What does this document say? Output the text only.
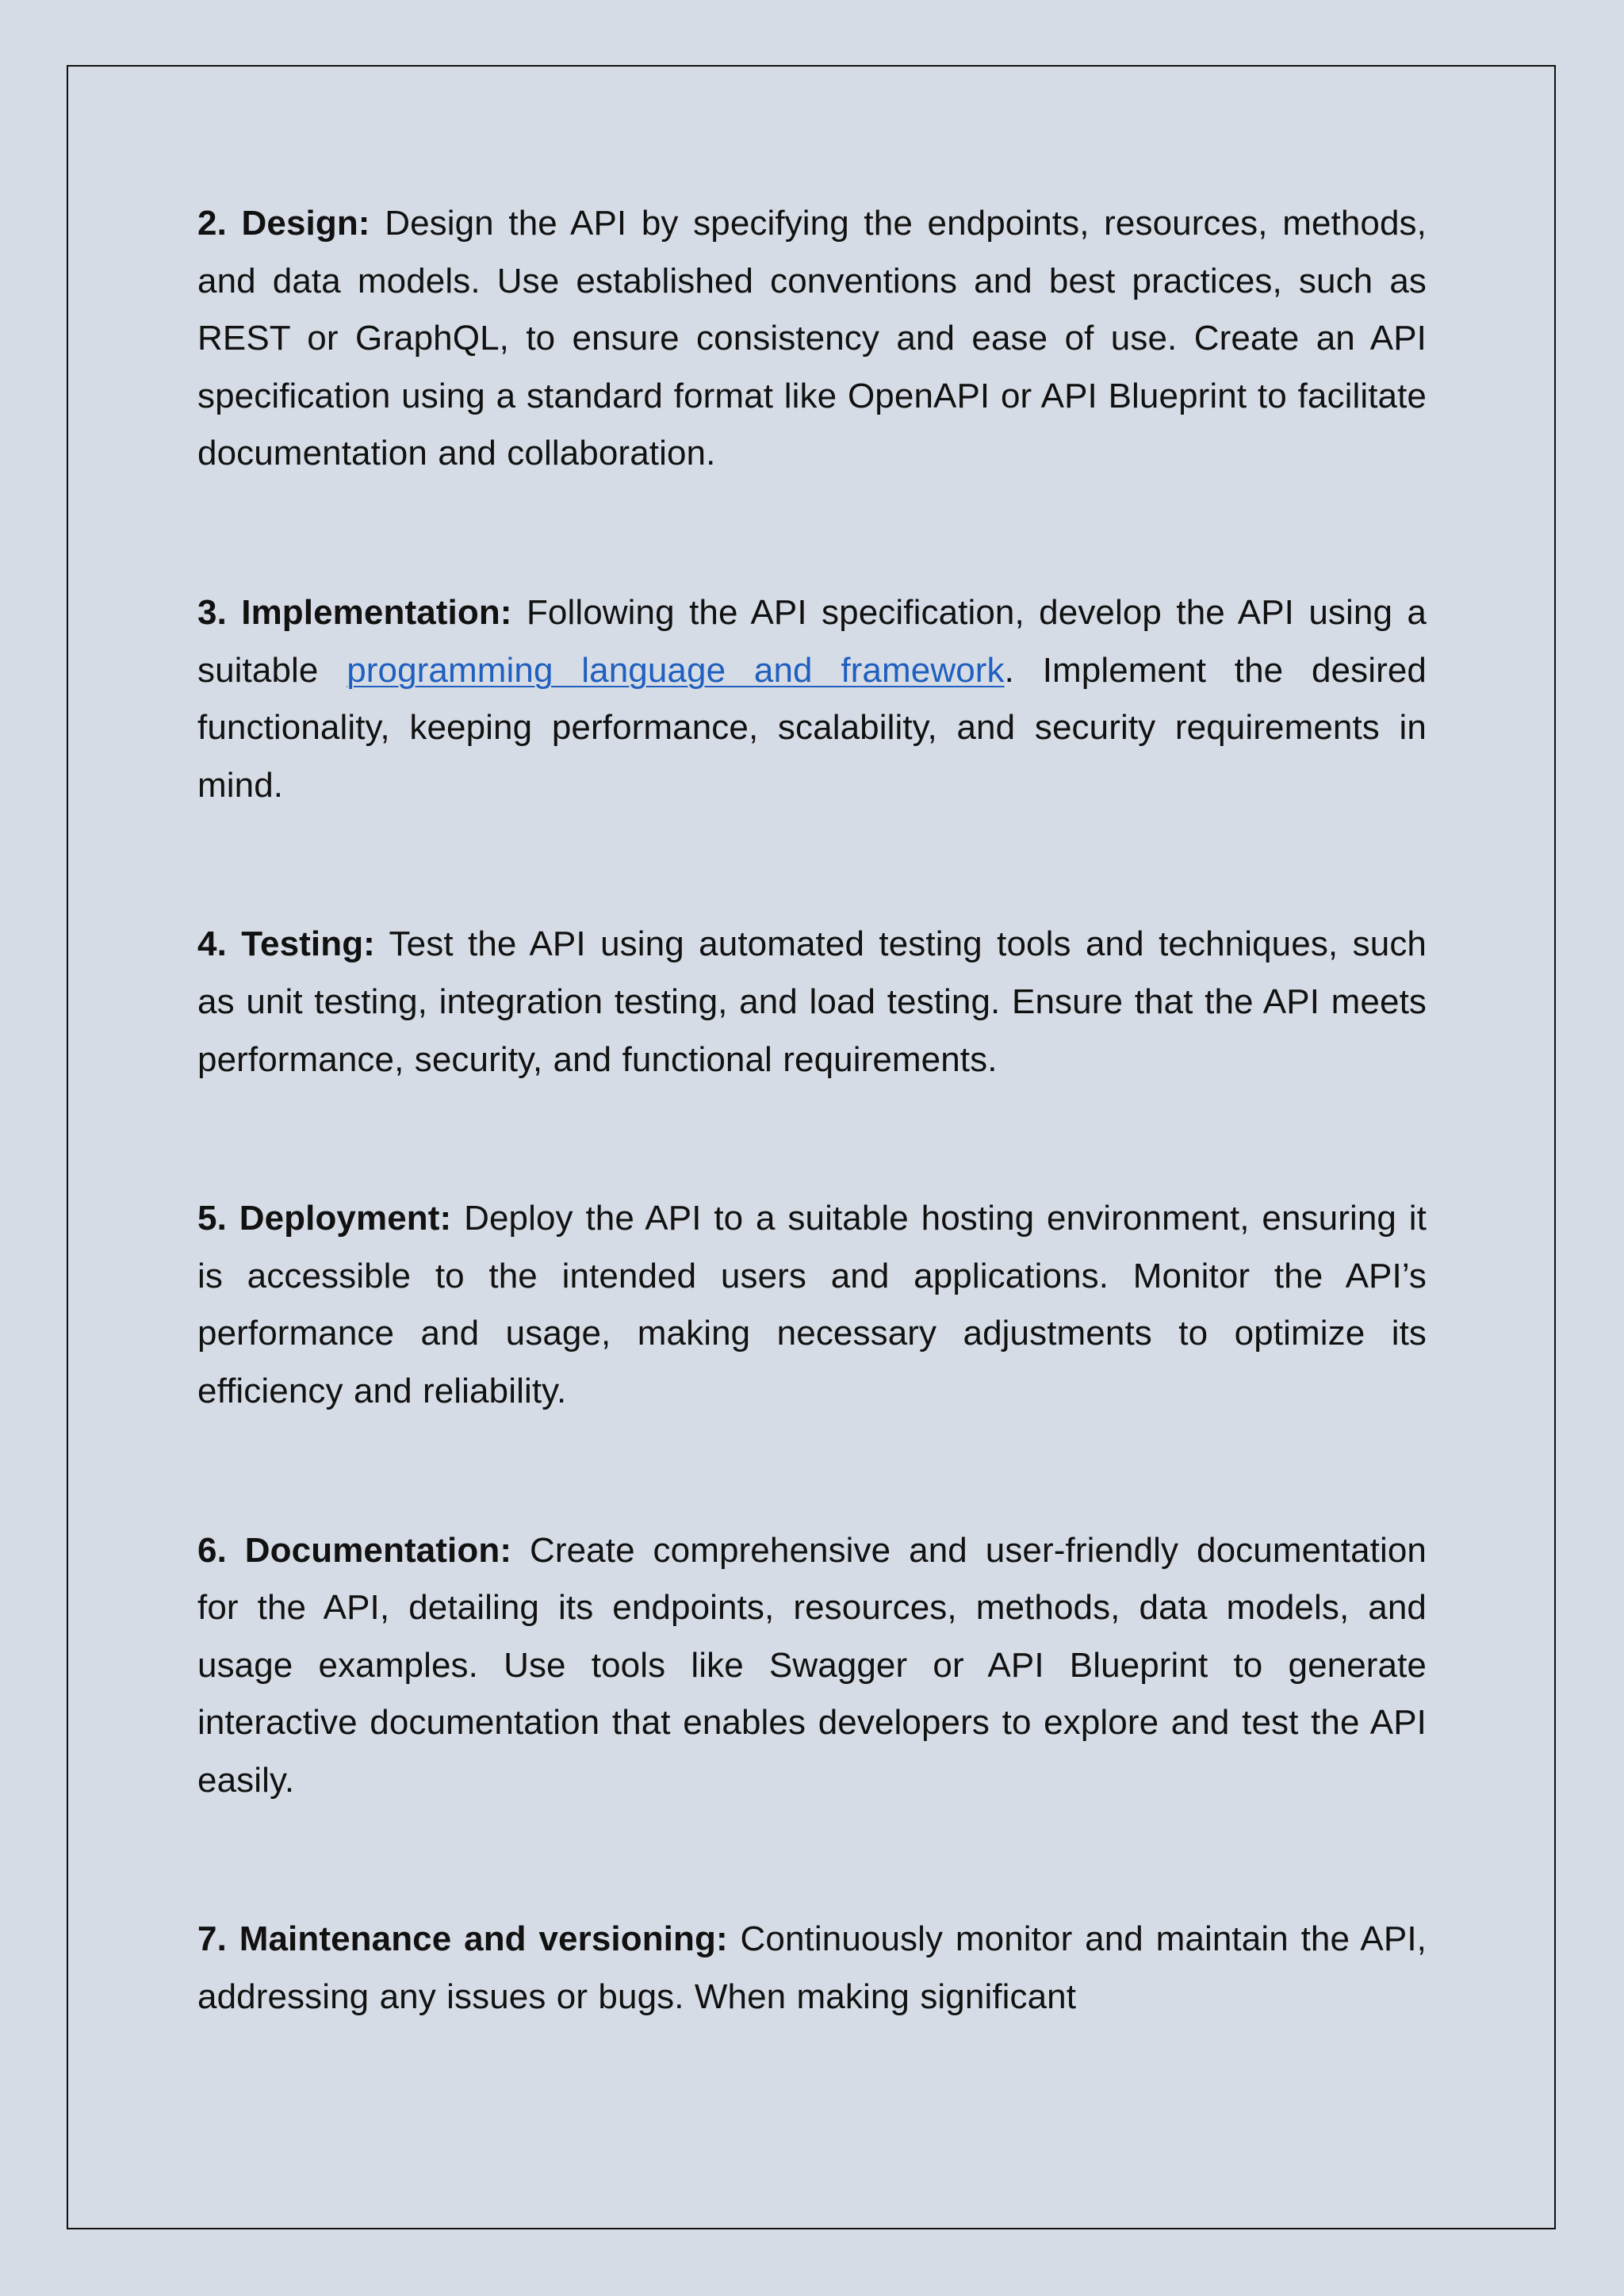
2. Design: Design the API by specifying the endpoints, resources, methods, and data models. Use established conventions and best practices, such as REST or GraphQL, to ensure consistency and ease of use. Create an API specification using a standard format like OpenAPI or API Blueprint to facilitate documentation and collaboration.

3. Implementation: Following the API specification, develop the API using a suitable programming language and framework. Implement the desired functionality, keeping performance, scalability, and security requirements in mind.

4. Testing: Test the API using automated testing tools and techniques, such as unit testing, integration testing, and load testing. Ensure that the API meets performance, security, and functional requirements.

5. Deployment: Deploy the API to a suitable hosting environment, ensuring it is accessible to the intended users and applications. Monitor the API’s performance and usage, making necessary adjustments to optimize its efficiency and reliability.

6. Documentation: Create comprehensive and user-friendly documentation for the API, detailing its endpoints, resources, methods, data models, and usage examples. Use tools like Swagger or API Blueprint to generate interactive documentation that enables developers to explore and test the API easily.

7. Maintenance and versioning: Continuously monitor and maintain the API, addressing any issues or bugs. When making significant
